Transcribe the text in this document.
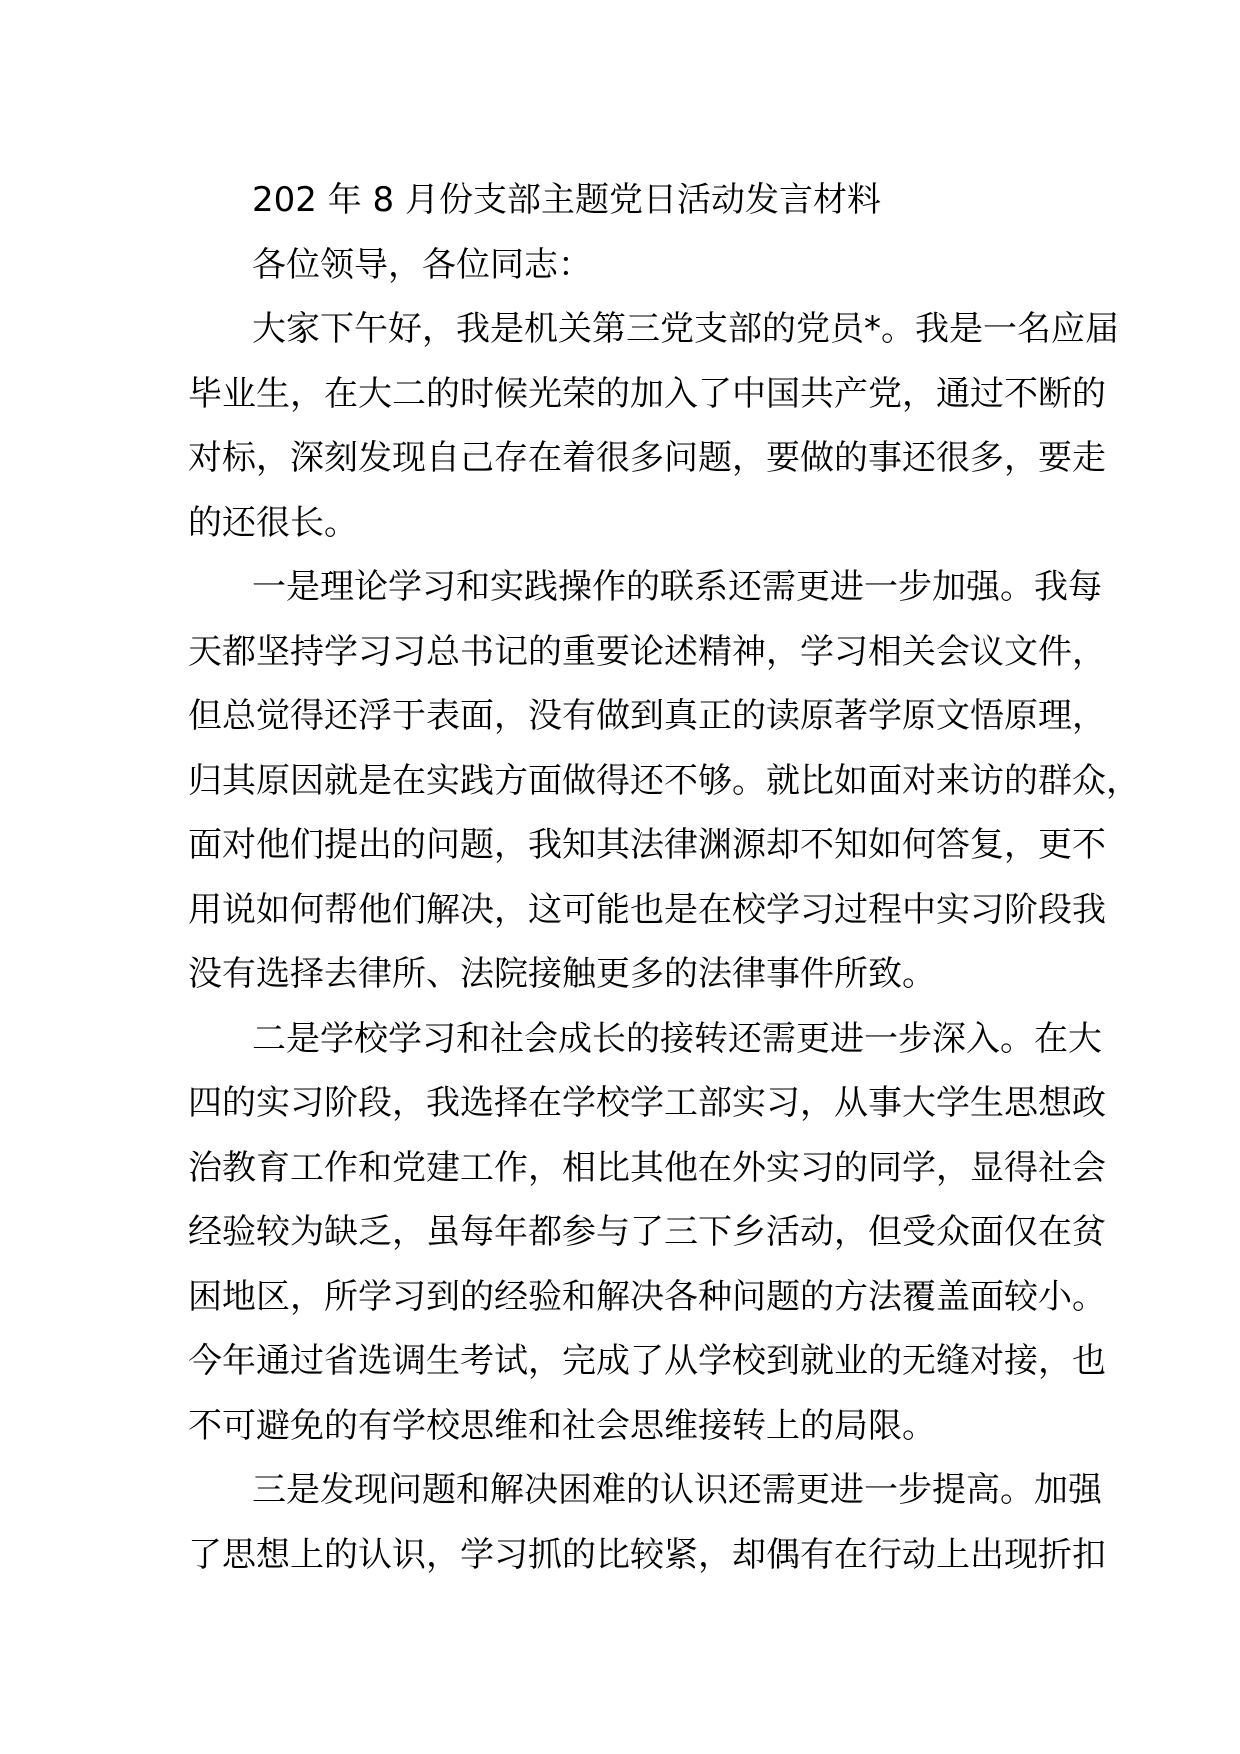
202 年 8 月份支部主题党日活动发言材料
各位领导，各位同志：
大家下午好，我是机关第三党支部的党员*。我是一名应届
毕业生，在大二的时候光荣的加入了中国共产党，通过不断的
对标，深刻发现自己存在着很多问题，要做的事还很多，要走
的还很长。
一是理论学习和实践操作的联系还需更进一步加强。我每
天都坚持学习习总书记的重要论述精神，学习相关会议文件，
但总觉得还浮于表面，没有做到真正的读原著学原文悟原理，
归其原因就是在实践方面做得还不够。就比如面对来访的群众，
面对他们提出的问题，我知其法律渊源却不知如何答复，更不
用说如何帮他们解决，这可能也是在校学习过程中实习阶段我
没有选择去律所、法院接触更多的法律事件所致。
二是学校学习和社会成长的接转还需更进一步深入。在大
四的实习阶段，我选择在学校学工部实习，从事大学生思想政
治教育工作和党建工作，相比其他在外实习的同学，显得社会
经验较为缺乏，虽每年都参与了三下乡活动，但受众面仅在贫
困地区，所学习到的经验和解决各种问题的方法覆盖面较小。
今年通过省选调生考试，完成了从学校到就业的无缝对接，也
不可避免的有学校思维和社会思维接转上的局限。
三是发现问题和解决困难的认识还需更进一步提高。加强
了思想上的认识，学习抓的比较紧，却偶有在行动上出现折扣
